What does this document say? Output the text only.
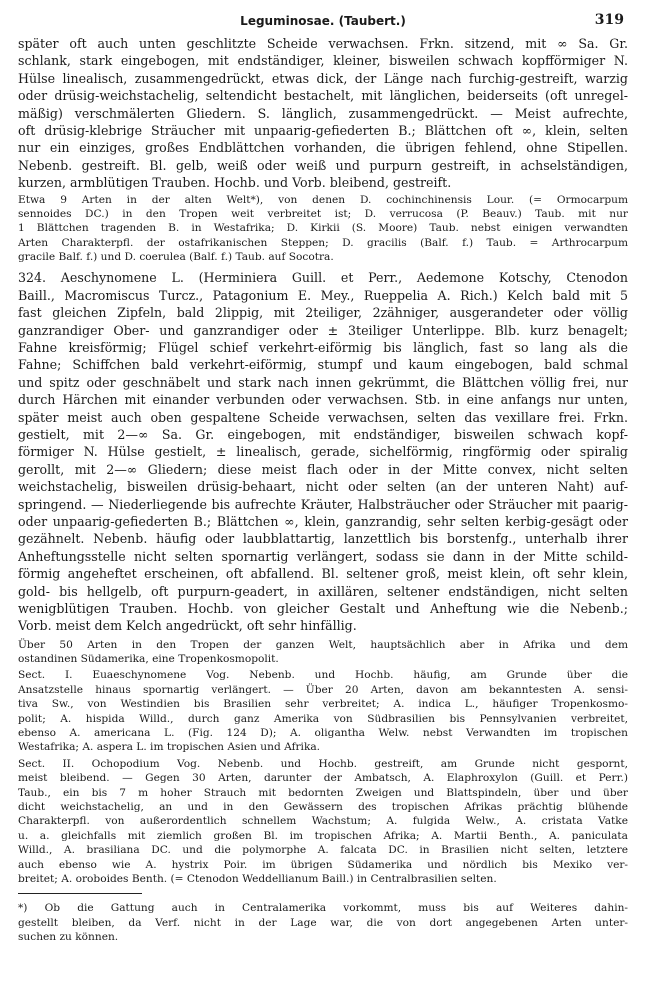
Leguminosae. (Taubert.)	319
später oft auch unten geschlitzte Scheide verwachsen. Frkn. sitzend, mit ∞ Sa. Gr.
schlank, stark eingebogen, mit endständiger, kleiner, bisweilen schwach kopfförmiger N.
Hülse linealisch, zusammengedrückt, etwas dick, der Länge nach furchig-gestreift, warzig
oder drüsig-weichstachelig, seltendicht bestachelt, mit länglichen, beiderseits (oft unregel-
mäßig) verschmälerten Gliedern. S. länglich, zusammengedrückt. — Meist aufrechte,
oft drüsig-klebrige Sträucher mit unpaarig-gefiederten B.; Blättchen oft ∞, klein, selten
nur ein einziges, großes Endblättchen vorhanden, die übrigen fehlend, ohne Stipellen.
Nebenb. gestreift. Bl. gelb, weiß oder weiß und purpurn gestreift, in achselständigen,
kurzen, armblütigen Trauben. Hochb. und Vorb. bleibend, gestreift.
Etwa 9 Arten in der alten Welt*), von denen D. cochinchinensis Lour. (= Ormocarpum
sennoides DC.) in den Tropen weit verbreitet ist; D. verrucosa (P. Beauv.) Taub. mit nur
1 Blättchen tragenden B. in Westafrika; D. Kirkii (S. Moore) Taub. nebst einigen verwandten
Arten Charakterpfl. der ostafrikanischen Steppen; D. gracilis (Balf. f.) Taub. = Arthrocarpum
gracile Balf. f.) und D. coerulea (Balf. f.) Taub. auf Socotra.
324. Aeschynomene L. (Herminiera Guill. et Perr., Aedemone Kotschy, Ctenodon
Baill., Macromiscus Turcz., Patagonium E. Mey., Rueppelia A. Rich.) Kelch bald mit 5
fast gleichen Zipfeln, bald 2lippig, mit 2teiliger, 2zähniger, ausgerandeter oder völlig
ganzrandiger Ober- und ganzrandiger oder ± 3teiliger Unterlippe. Blb. kurz benagelt;
Fahne kreisförmig; Flügel schief verkehrt-eiförmig bis länglich, fast so lang als die
Fahne; Schiffchen bald verkehrt-eiförmig, stumpf und kaum eingebogen, bald schmal
und spitz oder geschnäbelt und stark nach innen gekrümmt, die Blättchen völlig frei, nur
durch Härchen mit einander verbunden oder verwachsen. Stb. in eine anfangs nur unten,
später meist auch oben gespaltene Scheide verwachsen, selten das vexillare frei. Frkn.
gestielt, mit 2—∞ Sa. Gr. eingebogen, mit endständiger, bisweilen schwach kopf-
förmiger N. Hülse gestielt, ± linealisch, gerade, sichelförmig, ringförmig oder spiralig
gerollt, mit 2—∞ Gliedern; diese meist flach oder in der Mitte convex, nicht selten
weichstachelig, bisweilen drüsig-behaart, nicht oder selten (an der unteren Naht) auf-
springend. — Niederliegende bis aufrechte Kräuter, Halbsträucher oder Sträucher mit paarig-
oder unpaarig-gefiederten B.; Blättchen ∞, klein, ganzrandig, sehr selten kerbig-gesägt oder
gezähnelt. Nebenb. häufig oder laubblattartig, lanzettlich bis borstenfg., unterhalb ihrer
Anheftungsstelle nicht selten spornartig verlängert, sodass sie dann in der Mitte schild-
förmig angeheftet erscheinen, oft abfallend. Bl. seltener groß, meist klein, oft sehr klein,
gold- bis hellgelb, oft purpurn-geadert, in axillären, seltener endständigen, nicht selten
wenigblütigen Trauben. Hochb. von gleicher Gestalt und Anheftung wie die Nebenb.;
Vorb. meist dem Kelch angedrückt, oft sehr hinfällig.
Über 50 Arten in den Tropen der ganzen Welt, hauptsächlich aber in Afrika und dem
ostandinen Südamerika, eine Tropenkosmopolit.
Sect. I. Euaeschynomene Vog. Nebenb. und Hochb. häufig, am Grunde über die
Ansatzstelle hinaus spornartig verlängert. — Über 20 Arten, davon am bekanntesten A. sensi-
tiva Sw., von Westindien bis Brasilien sehr verbreitet; A. indica L., häufiger Tropenkosmo-
polit; A. hispida Willd., durch ganz Amerika von Südbrasilien bis Pennsylvanien verbreitet,
ebenso A. americana L. (Fig. 124 D); A. oligantha Welw. nebst Verwandten im tropischen
Westafrika; A. aspera L. im tropischen Asien und Afrika.
Sect. II. Ochopodium Vog. Nebenb. und Hochb. gestreift, am Grunde nicht gespornt,
meist bleibend. — Gegen 30 Arten, darunter der Ambatsch, A. Elaphroxylon (Guill. et Perr.)
Taub., ein bis 7 m hoher Strauch mit bedornten Zweigen und Blattspindeln, über und über
dicht weichstachelig, an und in den Gewässern des tropischen Afrikas prächtig blühende
Charakterpfl. von außerordentlich schnellem Wachstum; A. fulgida Welw., A. cristata Vatke
u. a. gleichfalls mit ziemlich großen Bl. im tropischen Afrika; A. Martii Benth., A. paniculata
Willd., A. brasiliana DC. und die polymorphe A. falcata DC. in Brasilien nicht selten, letztere
auch ebenso wie A. hystrix Poir. im übrigen Südamerika und nördlich bis Mexiko ver-
breitet; A. oroboides Benth. (= Ctenodon Weddellianum Baill.) in Centralbrasilien selten.
*) Ob die Gattung auch in Centralamerika vorkommt, muss bis auf Weiteres dahin-
gestellt bleiben, da Verf. nicht in der Lage war, die von dort angegebenen Arten unter-
suchen zu können.
